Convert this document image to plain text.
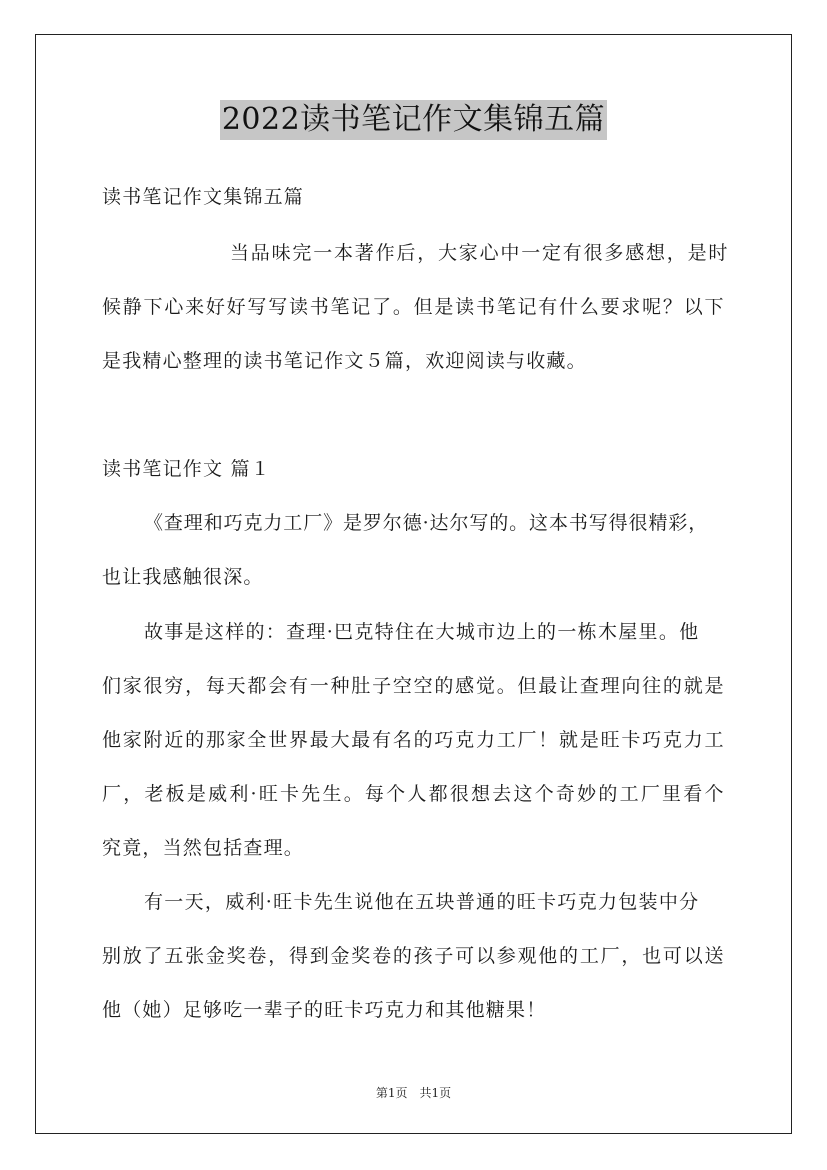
2022读书笔记作文集锦五篇
读书笔记作文集锦五篇
当品味完一本著作后，大家心中一定有很多感想，是时
候静下心来好好写写读书笔记了。但是读书笔记有什么要求呢？以下
是我精心整理的读书笔记作文５篇，欢迎阅读与收藏。
读书笔记作文 篇１
《查理和巧克力工厂》是罗尔德·达尔写的。这本书写得很精彩，
也让我感触很深。
故事是这样的：查理·巴克特住在大城市边上的一栋木屋里。他
们家很穷，每天都会有一种肚子空空的感觉。但最让查理向往的就是
他家附近的那家全世界最大最有名的巧克力工厂！就是旺卡巧克力工
厂，老板是威利·旺卡先生。每个人都很想去这个奇妙的工厂里看个
究竟，当然包括查理。
有一天，威利·旺卡先生说他在五块普通的旺卡巧克力包装中分
别放了五张金奖卷，得到金奖卷的孩子可以参观他的工厂，也可以送
他（她）足够吃一辈子的旺卡巧克力和其他糖果！
第1页　共1页
